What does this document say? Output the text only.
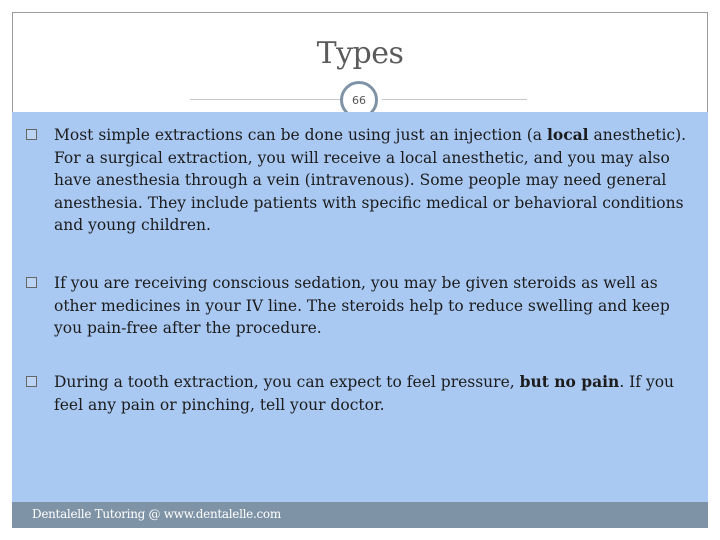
Types
66
Most simple extractions can be done using just an injection (a local anesthetic). For a surgical extraction, you will receive a local anesthetic, and you may also have anesthesia through a vein (intravenous). Some people may need general anesthesia. They include patients with specific medical or behavioral conditions and young children.
If you are receiving conscious sedation, you may be given steroids as well as other medicines in your IV line. The steroids help to reduce swelling and keep you pain-free after the procedure.
During a tooth extraction, you can expect to feel pressure, but no pain. If you feel any pain or pinching, tell your doctor.
Dentalelle Tutoring @ www.dentalelle.com
